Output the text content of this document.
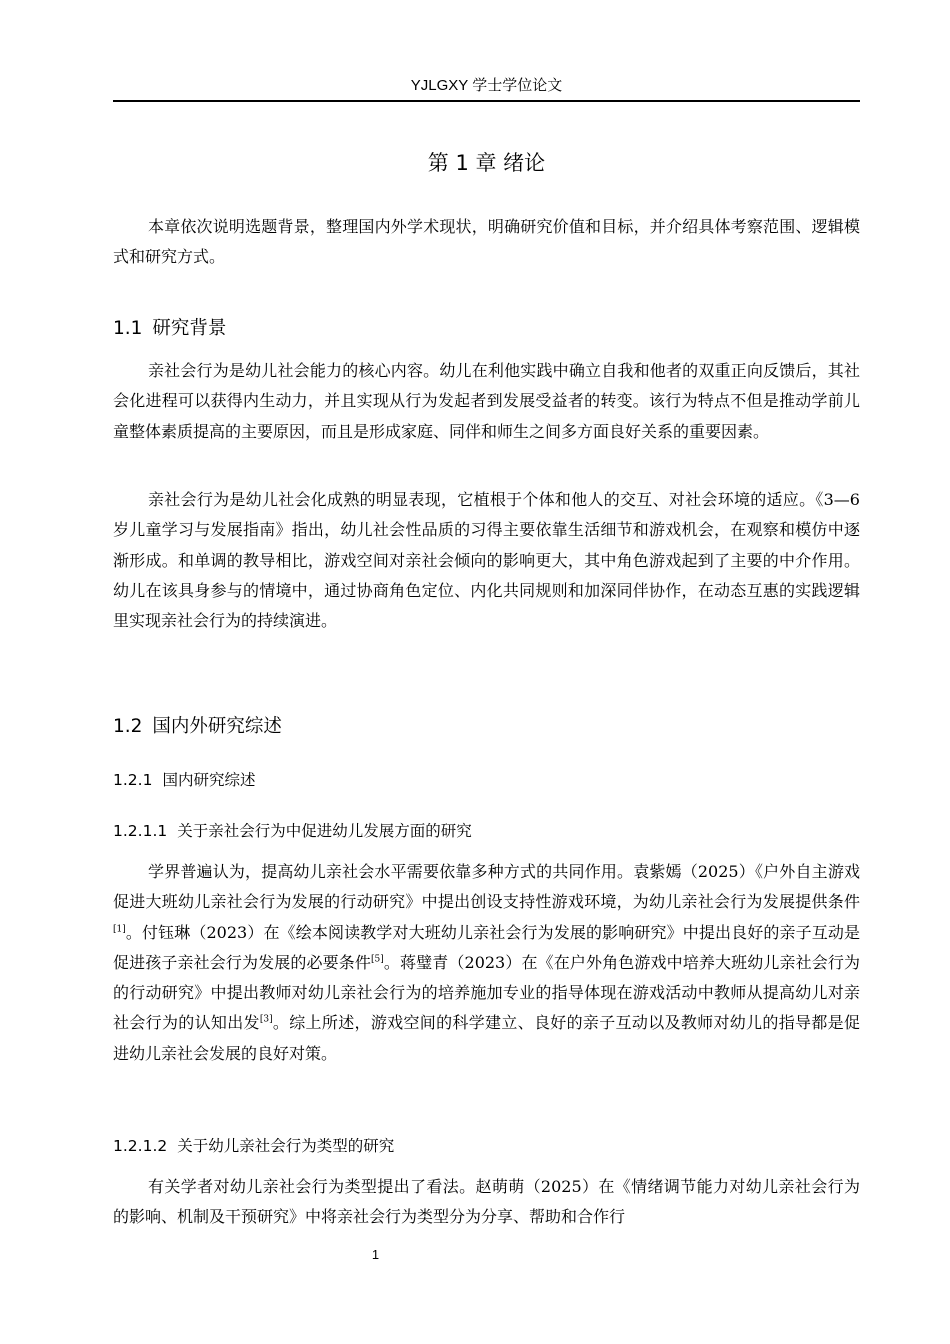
YJLGXY 学士学位论文
第 1 章 绪论

本章依次说明选题背景，整理国内外学术现状，明确研究价值和目标，并介绍具体考察范围、逻辑模式和研究方式。

1.1 研究背景

亲社会行为是幼儿社会能力的核心内容。幼儿在利他实践中确立自我和他者的双重正向反馈后，其社会化进程可以获得内生动力，并且实现从行为发起者到发展受益者的转变。该行为特点不但是推动学前儿童整体素质提高的主要原因，而且是形成家庭、同伴和师生之间多方面良好关系的重要因素。

亲社会行为是幼儿社会化成熟的明显表现，它植根于个体和他人的交互、对社会环境的适应。《3—6 岁儿童学习与发展指南》指出，幼儿社会性品质的习得主要依靠生活细节和游戏机会，在观察和模仿中逐渐形成。和单调的教导相比，游戏空间对亲社会倾向的影响更大，其中角色游戏起到了主要的中介作用。幼儿在该具身参与的情境中，通过协商角色定位、内化共同规则和加深同伴协作，在动态互惠的实践逻辑里实现亲社会行为的持续演进。

1.2 国内外研究综述
1.2.1 国内研究综述
1.2.1.1 关于亲社会行为中促进幼儿发展方面的研究

学界普遍认为，提高幼儿亲社会水平需要依靠多种方式的共同作用。袁紫嫣（2025）《户外自主游戏促进大班幼儿亲社会行为发展的行动研究》中提出创设支持性游戏环境，为幼儿亲社会行为发展提供条件[1]。付钰琳（2023）在《绘本阅读教学对大班幼儿亲社会行为发展的影响研究》中提出良好的亲子互动是促进孩子亲社会行为发展的必要条件[5]。蒋璧青（2023）在《在户外角色游戏中培养大班幼儿亲社会行为的行动研究》中提出教师对幼儿亲社会行为的培养施加专业的指导体现在游戏活动中教师从提高幼儿对亲社会行为的认知出发[3]。综上所述，游戏空间的科学建立、良好的亲子互动以及教师对幼儿的指导都是促进幼儿亲社会发展的良好对策。

1.2.1.2 关于幼儿亲社会行为类型的研究

有关学者对幼儿亲社会行为类型提出了看法。赵萌萌（2025）在《情绪调节能力对幼儿亲社会行为的影响、机制及干预研究》中将亲社会行为类型分为分享、帮助和合作行

1
